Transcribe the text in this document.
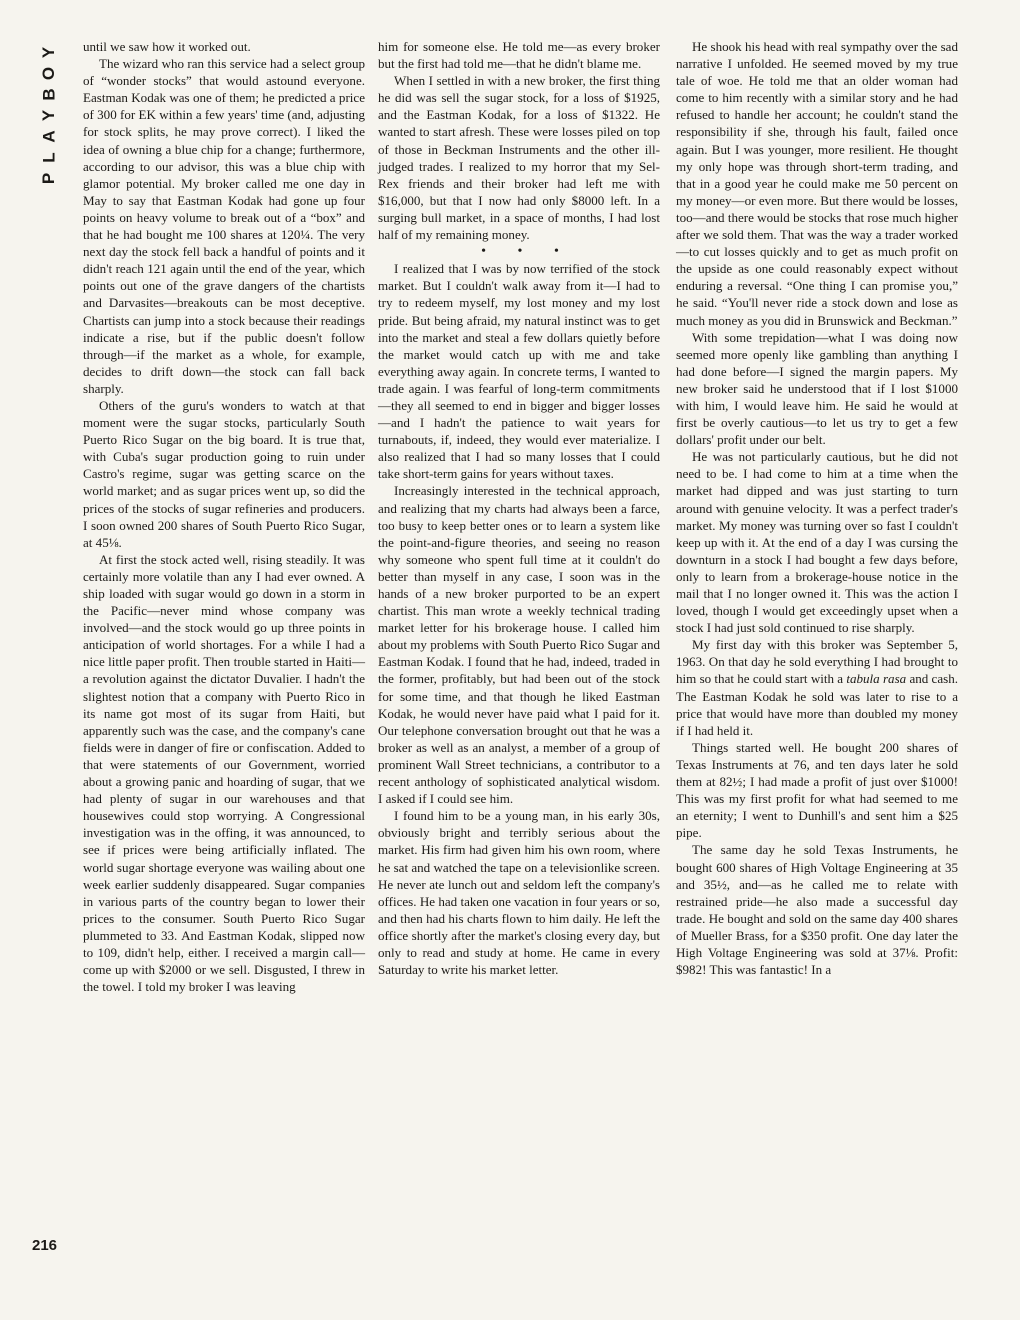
Y
O
B
Y
A
L
P
216

until we saw how it worked out.

The wizard who ran this service had a select group of “wonder stocks” that would astound everyone. Eastman Kodak was one of them; he predicted a price of 300 for EK within a few years' time (and, adjusting for stock splits, he may prove correct). I liked the idea of owning a blue chip for a change; furthermore, according to our advisor, this was a blue chip with glamor potential. My broker called me one day in May to say that Eastman Kodak had gone up four points on heavy volume to break out of a “box” and that he had bought me 100 shares at 120¼. The very next day the stock fell back a handful of points and it didn't reach 121 again until the end of the year, which points out one of the grave dangers of the chartists and Darvasites—breakouts can be most deceptive. Chartists can jump into a stock because their readings indicate a rise, but if the public doesn't follow through—if the market as a whole, for example, decides to drift down—the stock can fall back sharply.

Others of the guru's wonders to watch at that moment were the sugar stocks, particularly South Puerto Rico Sugar on the big board. It is true that, with Cuba's sugar production going to ruin under Castro's regime, sugar was getting scarce on the world market; and as sugar prices went up, so did the prices of the stocks of sugar refineries and producers. I soon owned 200 shares of South Puerto Rico Sugar, at 45⅛.

At first the stock acted well, rising steadily. It was certainly more volatile than any I had ever owned. A ship loaded with sugar would go down in a storm in the Pacific—never mind whose company was involved—and the stock would go up three points in anticipation of world shortages. For a while I had a nice little paper profit. Then trouble started in Haiti—a revolution against the dictator Duvalier. I hadn't the slightest notion that a company with Puerto Rico in its name got most of its sugar from Haiti, but apparently such was the case, and the company's cane fields were in danger of fire or confiscation. Added to that were statements of our Government, worried about a growing panic and hoarding of sugar, that we had plenty of sugar in our warehouses and that housewives could stop worrying. A Congressional investigation was in the offing, it was announced, to see if prices were being artificially inflated. The world sugar shortage everyone was wailing about one week earlier suddenly disappeared. Sugar companies in various parts of the country began to lower their prices to the consumer. South Puerto Rico Sugar plummeted to 33. And Eastman Kodak, slipped now to 109, didn't help, either. I received a margin call—come up with $2000 or we sell. Disgusted, I threw in the towel. I told my broker I was leaving

him for someone else. He told me—as every broker but the first had told me—that he didn't blame me.

When I settled in with a new broker, the first thing he did was sell the sugar stock, for a loss of $1925, and the Eastman Kodak, for a loss of $1322. He wanted to start afresh. These were losses piled on top of those in Beckman Instruments and the other ill-judged trades. I realized to my horror that my Sel-Rex friends and their broker had left me with $16,000, but that I now had only $8000 left. In a surging bull market, in a space of months, I had lost half of my remaining money.

• • •

I realized that I was by now terrified of the stock market. But I couldn't walk away from it—I had to try to redeem myself, my lost money and my lost pride. But being afraid, my natural instinct was to get into the market and steal a few dollars quietly before the market would catch up with me and take everything away again. In concrete terms, I wanted to trade again. I was fearful of long-term commitments—they all seemed to end in bigger and bigger losses—and I hadn't the patience to wait years for turnabouts, if, indeed, they would ever materialize. I also realized that I had so many losses that I could take short-term gains for years without taxes.

Increasingly interested in the technical approach, and realizing that my charts had always been a farce, too busy to keep better ones or to learn a system like the point-and-figure theories, and seeing no reason why someone who spent full time at it couldn't do better than myself in any case, I soon was in the hands of a new broker purported to be an expert chartist. This man wrote a weekly technical trading market letter for his brokerage house. I called him about my problems with South Puerto Rico Sugar and Eastman Kodak. I found that he had, indeed, traded in the former, profitably, but had been out of the stock for some time, and that though he liked Eastman Kodak, he would never have paid what I paid for it. Our telephone conversation brought out that he was a broker as well as an analyst, a member of a group of prominent Wall Street technicians, a contributor to a recent anthology of sophisticated analytical wisdom. I asked if I could see him.

I found him to be a young man, in his early 30s, obviously bright and terribly serious about the market. His firm had given him his own room, where he sat and watched the tape on a televisionlike screen. He never ate lunch out and seldom left the company's offices. He had taken one vacation in four years or so, and then had his charts flown to him daily. He left the office shortly after the market's closing every day, but only to read and study at home. He came in every Saturday to write his market letter.

He shook his head with real sympathy over the sad narrative I unfolded. He seemed moved by my true tale of woe. He told me that an older woman had come to him recently with a similar story and he had refused to handle her account; he couldn't stand the responsibility if she, through his fault, failed once again. But I was younger, more resilient. He thought my only hope was through short-term trading, and that in a good year he could make me 50 percent on my money—or even more. But there would be losses, too—and there would be stocks that rose much higher after we sold them. That was the way a trader worked—to cut losses quickly and to get as much profit on the upside as one could reasonably expect without enduring a reversal. “One thing I can promise you,” he said. “You'll never ride a stock down and lose as much money as you did in Brunswick and Beckman.”

With some trepidation—what I was doing now seemed more openly like gambling than anything I had done before—I signed the margin papers. My new broker said he understood that if I lost $1000 with him, I would leave him. He said he would at first be overly cautious—to let us try to get a few dollars' profit under our belt.

He was not particularly cautious, but he did not need to be. I had come to him at a time when the market had dipped and was just starting to turn around with genuine velocity. It was a perfect trader's market. My money was turning over so fast I couldn't keep up with it. At the end of a day I was cursing the downturn in a stock I had bought a few days before, only to learn from a brokerage-house notice in the mail that I no longer owned it. This was the action I loved, though I would get exceedingly upset when a stock I had just sold continued to rise sharply.

My first day with this broker was September 5, 1963. On that day he sold everything I had brought to him so that he could start with a tabula rasa and cash. The Eastman Kodak he sold was later to rise to a price that would have more than doubled my money if I had held it.

Things started well. He bought 200 shares of Texas Instruments at 76, and ten days later he sold them at 82½; I had made a profit of just over $1000! This was my first profit for what had seemed to me an eternity; I went to Dunhill's and sent him a $25 pipe.

The same day he sold Texas Instruments, he bought 600 shares of High Voltage Engineering at 35 and 35½, and—as he called me to relate with restrained pride—he also made a successful day trade. He bought and sold on the same day 400 shares of Mueller Brass, for a $350 profit. One day later the High Voltage Engineering was sold at 37⅛. Profit: $982! This was fantastic! In a
